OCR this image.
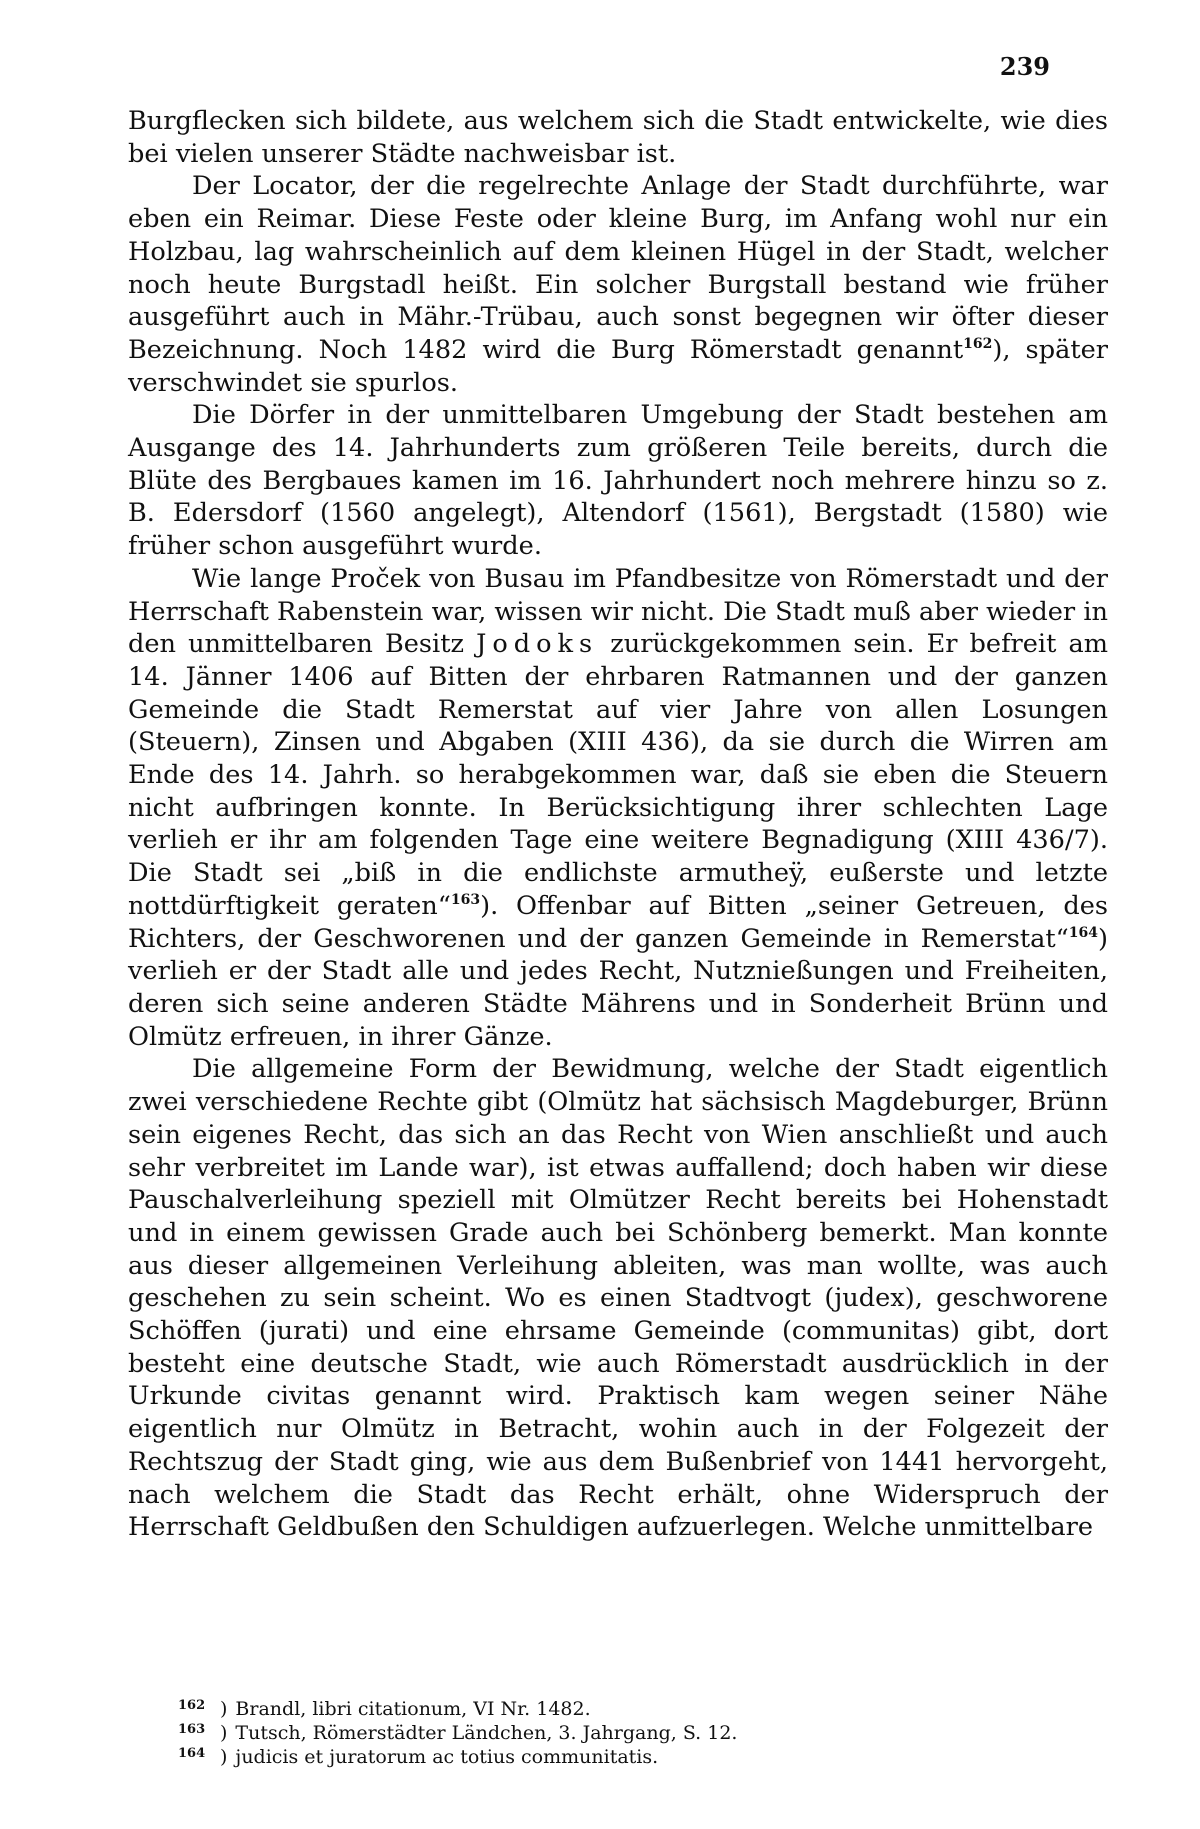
239

Burgflecken sich bildete, aus welchem sich die Stadt entwickelte, wie dies bei vielen unserer Städte nachweisbar ist.

Der Locator, der die regelrechte Anlage der Stadt durchführte, war eben ein Reimar. Diese Feste oder kleine Burg, im Anfang wohl nur ein Holzbau, lag wahrscheinlich auf dem kleinen Hügel in der Stadt, welcher noch heute Burgstadl heißt. Ein solcher Burgstall bestand wie früher ausgeführt auch in Mähr.-Trübau, auch sonst begegnen wir öfter dieser Bezeichnung. Noch 1482 wird die Burg Römerstadt genannt$^{162}$), später verschwindet sie spurlos.

Die Dörfer in der unmittelbaren Umgebung der Stadt bestehen am Ausgange des 14. Jahrhunderts zum größeren Teile bereits, durch die Blüte des Bergbaues kamen im 16. Jahrhundert noch mehrere hinzu so z. B. Edersdorf (1560 angelegt), Altendorf (1561), Bergstadt (1580) wie früher schon ausgeführt wurde.

Wie lange Proček von Busau im Pfandbesitze von Römerstadt und der Herrschaft Rabenstein war, wissen wir nicht. Die Stadt muß aber wieder in den unmittelbaren Besitz Jodoks zurückgekommen sein. Er befreit am 14. Jänner 1406 auf Bitten der ehrbaren Ratmannen und der ganzen Gemeinde die Stadt Remerstat auf vier Jahre von allen Losungen (Steuern), Zinsen und Abgaben (XIII 436), da sie durch die Wirren am Ende des 14. Jahrh. so herabgekommen war, daß sie eben die Steuern nicht aufbringen konnte. In Berücksichtigung ihrer schlechten Lage verlieh er ihr am folgenden Tage eine weitere Begnadigung (XIII 436/7). Die Stadt sei „biß in die endlichste armutheÿ, eußerste und letzte nottdürftigkeit geraten“$^{163}$). Offenbar auf Bitten „seiner Getreuen, des Richters, der Geschworenen und der ganzen Gemeinde in Remerstat“$^{164}$) verlieh er der Stadt alle und jedes Recht, Nutznießungen und Freiheiten, deren sich seine anderen Städte Mährens und in Sonderheit Brünn und Olmütz erfreuen, in ihrer Gänze.

Die allgemeine Form der Bewidmung, welche der Stadt eigentlich zwei verschiedene Rechte gibt (Olmütz hat sächsisch Magdeburger, Brünn sein eigenes Recht, das sich an das Recht von Wien anschließt und auch sehr verbreitet im Lande war), ist etwas auffallend; doch haben wir diese Pauschalverleihung speziell mit Olmützer Recht bereits bei Hohenstadt und in einem gewissen Grade auch bei Schönberg bemerkt. Man konnte aus dieser allgemeinen Verleihung ableiten, was man wollte, was auch geschehen zu sein scheint. Wo es einen Stadtvogt (judex), geschworene Schöffen (jurati) und eine ehrsame Gemeinde (communitas) gibt, dort besteht eine deutsche Stadt, wie auch Römerstadt ausdrücklich in der Urkunde civitas genannt wird. Praktisch kam wegen seiner Nähe eigentlich nur Olmütz in Betracht, wohin auch in der Folgezeit der Rechtszug der Stadt ging, wie aus dem Bußenbrief von 1441 hervorgeht, nach welchem die Stadt das Recht erhält, ohne Widerspruch der Herrschaft Geldbußen den Schuldigen aufzuerlegen. Welche unmittelbare

162 ) Brandl, libri citationum, VI Nr. 1482.
163 ) Tutsch, Römerstädter Ländchen, 3. Jahrgang, S. 12.
164 ) judicis et juratorum ac totius communitatis.
